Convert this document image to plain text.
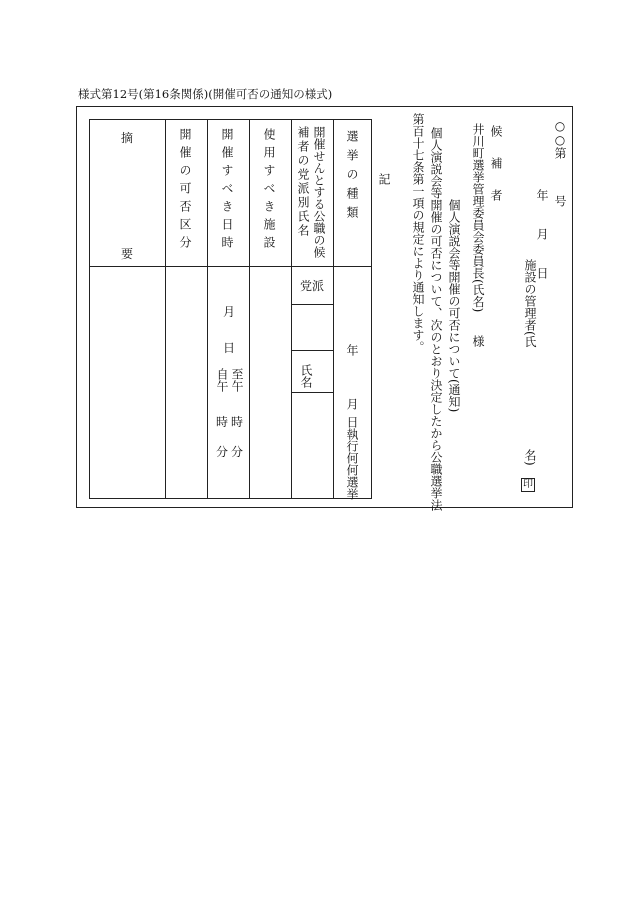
様式第12号(第16条関係)(開催可否の通知の様式)
○○第　　　号
年　　月　　日
施設の管理者(氏
名)
印
候　補　者
井川町選挙管理委員会委員長(氏名)
様
個人演説会等開催の可否について(通知)
個人演説会等開催の可否について、次のとおり決定したから公職選挙法
第百十七条第一項の規定により通知します。
記
選挙の種類
開催せんとする公職の候
補者の党派別氏名
使用すべき施設
開催すべき日時
開催の可否区分
摘
要
年　　月
日執行何何選挙
党派
氏名
月
日
至午
自午
時
時
分
分
